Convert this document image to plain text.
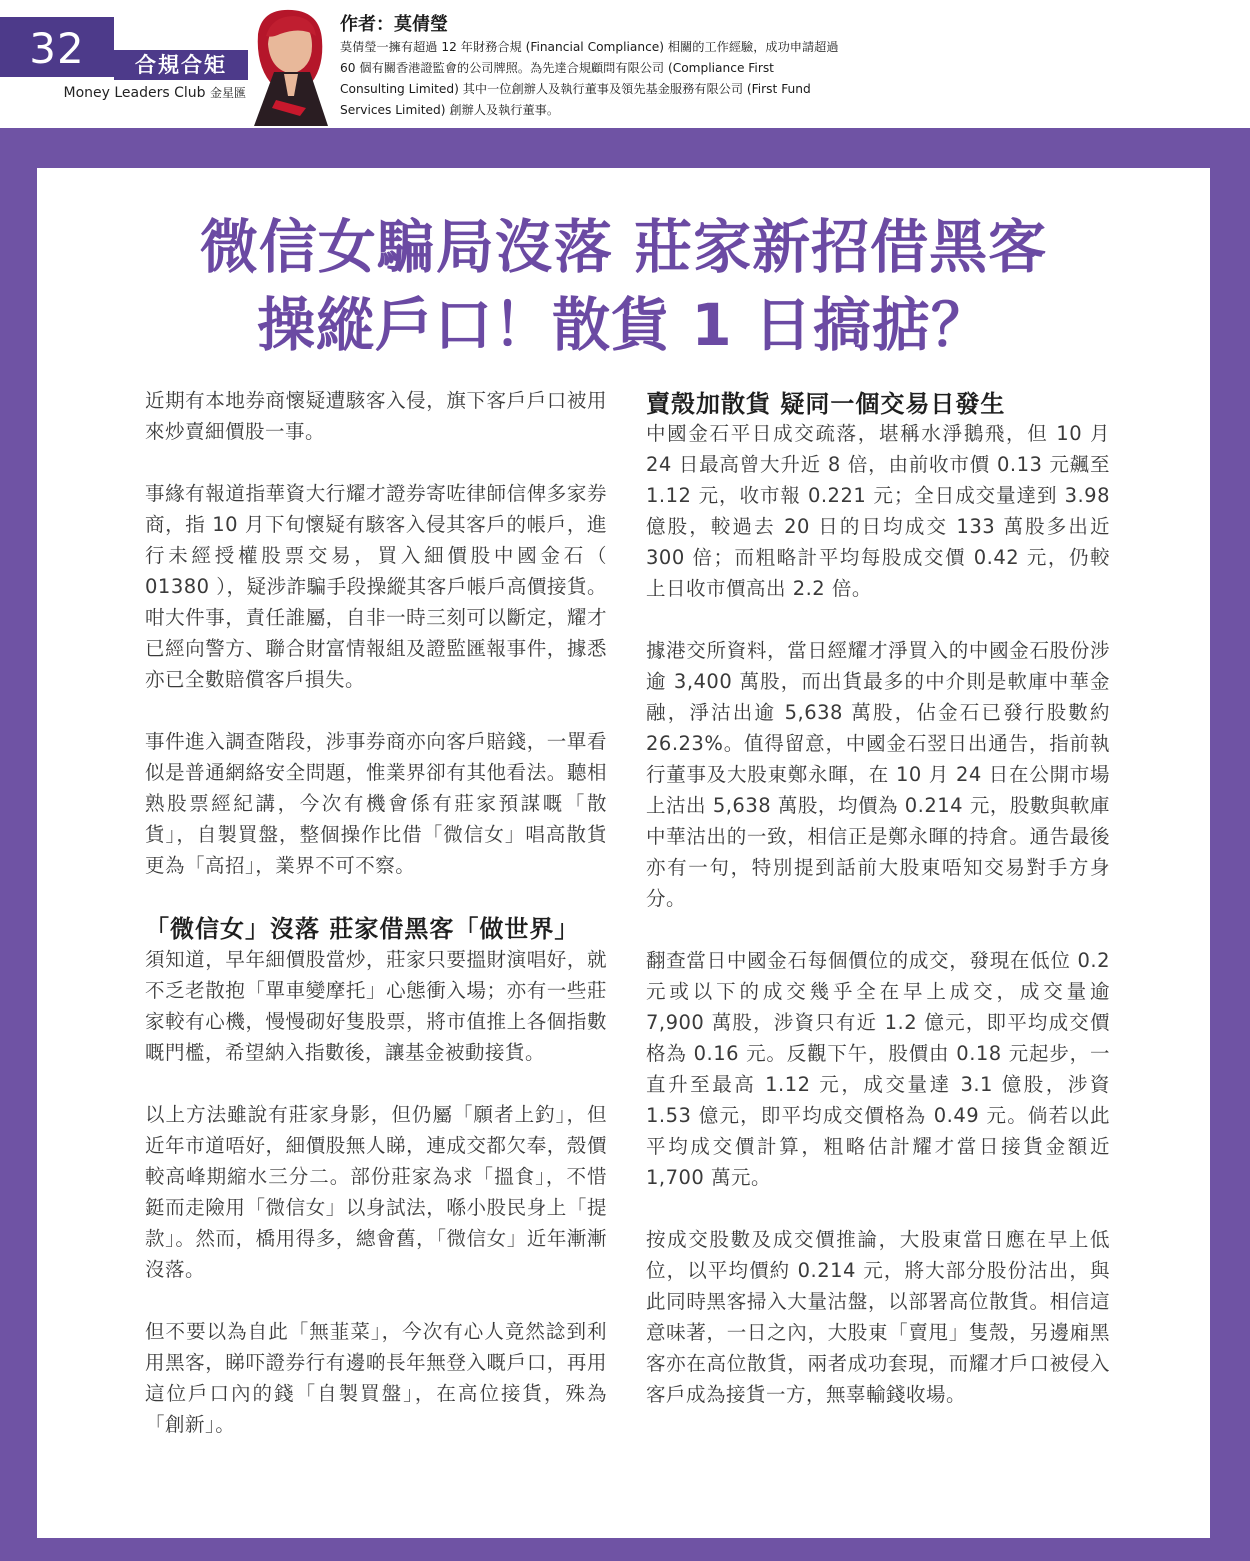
32	合規合矩
Money Leaders Club 金星匯
作者：莫倩瑩
莫倩瑩一擁有超過 12 年財務合規 (Financial Compliance) 相關的工作經驗，成功申請超過 60 個有關香港證監會的公司牌照。為先達合規顧問有限公司 (Compliance First Consulting Limited) 其中一位創辦人及執行董事及領先基金服務有限公司 (First Fund Services Limited) 創辦人及執行董事。
微信女騙局沒落 莊家新招借黑客
操縱戶口！散貨 1 日搞掂？

近期有本地券商懷疑遭駭客入侵，旗下客戶戶口被用來炒賣細價股一事。

事緣有報道指華資大行耀才證券寄咗律師信俾多家券商，指 10 月下旬懷疑有駭客入侵其客戶的帳戶，進行未經授權股票交易，買入細價股中國金石（ 01380 ），疑涉詐騙手段操縱其客戶帳戶高價接貨。咁大件事，責任誰屬，自非一時三刻可以斷定，耀才已經向警方、聯合財富情報組及證監匯報事件，據悉亦已全數賠償客戶損失。

事件進入調查階段，涉事券商亦向客戶賠錢，一單看似是普通網絡安全問題，惟業界卻有其他看法。聽相熟股票經紀講，今次有機會係有莊家預謀嘅「散貨」，自製買盤，整個操作比借「微信女」唱高散貨更為「高招」，業界不可不察。

「微信女」沒落 莊家借黑客「做世界」

須知道，早年細價股當炒，莊家只要搵財演唱好，就不乏老散抱「單車變摩托」心態衝入場；亦有一些莊家較有心機，慢慢砌好隻股票，將市值推上各個指數嘅門檻，希望納入指數後，讓基金被動接貨。

以上方法雖說有莊家身影，但仍屬「願者上釣」，但近年市道唔好，細價股無人睇，連成交都欠奉，殼價較高峰期縮水三分二。部份莊家為求「搵食」，不惜鋌而走險用「微信女」以身試法，喺小股民身上「提款」。然而，橋用得多，總會舊，「微信女」近年漸漸沒落。

但不要以為自此「無韮菜」，今次有心人竟然諗到利用黑客，睇吓證券行有邊啲長年無登入嘅戶口，再用這位戶口內的錢「自製買盤」，在高位接貨，殊為「創新」。

賣殼加散貨 疑同一個交易日發生

中國金石平日成交疏落，堪稱水淨鵝飛，但 10 月 24 日最高曾大升近 8 倍，由前收市價 0.13 元飆至 1.12 元，收市報 0.221 元；全日成交量達到 3.98 億股，較過去 20 日的日均成交 133 萬股多出近 300 倍；而粗略計平均每股成交價 0.42 元，仍較上日收市價高出 2.2 倍。

據港交所資料，當日經耀才淨買入的中國金石股份涉逾 3,400 萬股，而出貨最多的中介則是軟庫中華金融，淨沽出逾 5,638 萬股，佔金石已發行股數約 26.23%。值得留意，中國金石翌日出通告，指前執行董事及大股東鄭永暉，在 10 月 24 日在公開市場上沽出 5,638 萬股，均價為 0.214 元，股數與軟庫中華沽出的一致，相信正是鄭永暉的持倉。通告最後亦有一句，特別提到話前大股東唔知交易對手方身分。

翻查當日中國金石每個價位的成交，發現在低位 0.2 元或以下的成交幾乎全在早上成交，成交量逾 7,900 萬股，涉資只有近 1.2 億元，即平均成交價格為 0.16 元。反觀下午，股價由 0.18 元起步，一直升至最高 1.12 元，成交量達 3.1 億股，涉資 1.53 億元，即平均成交價格為 0.49 元。倘若以此平均成交價計算，粗略估計耀才當日接貨金額近 1,700 萬元。

按成交股數及成交價推論，大股東當日應在早上低位，以平均價約 0.214 元，將大部分股份沽出，與此同時黑客掃入大量沽盤，以部署高位散貨。相信這意味著，一日之內，大股東「賣甩」隻殼，另邊廂黑客亦在高位散貨，兩者成功套現，而耀才戶口被侵入客戶成為接貨一方，無辜輸錢收場。
